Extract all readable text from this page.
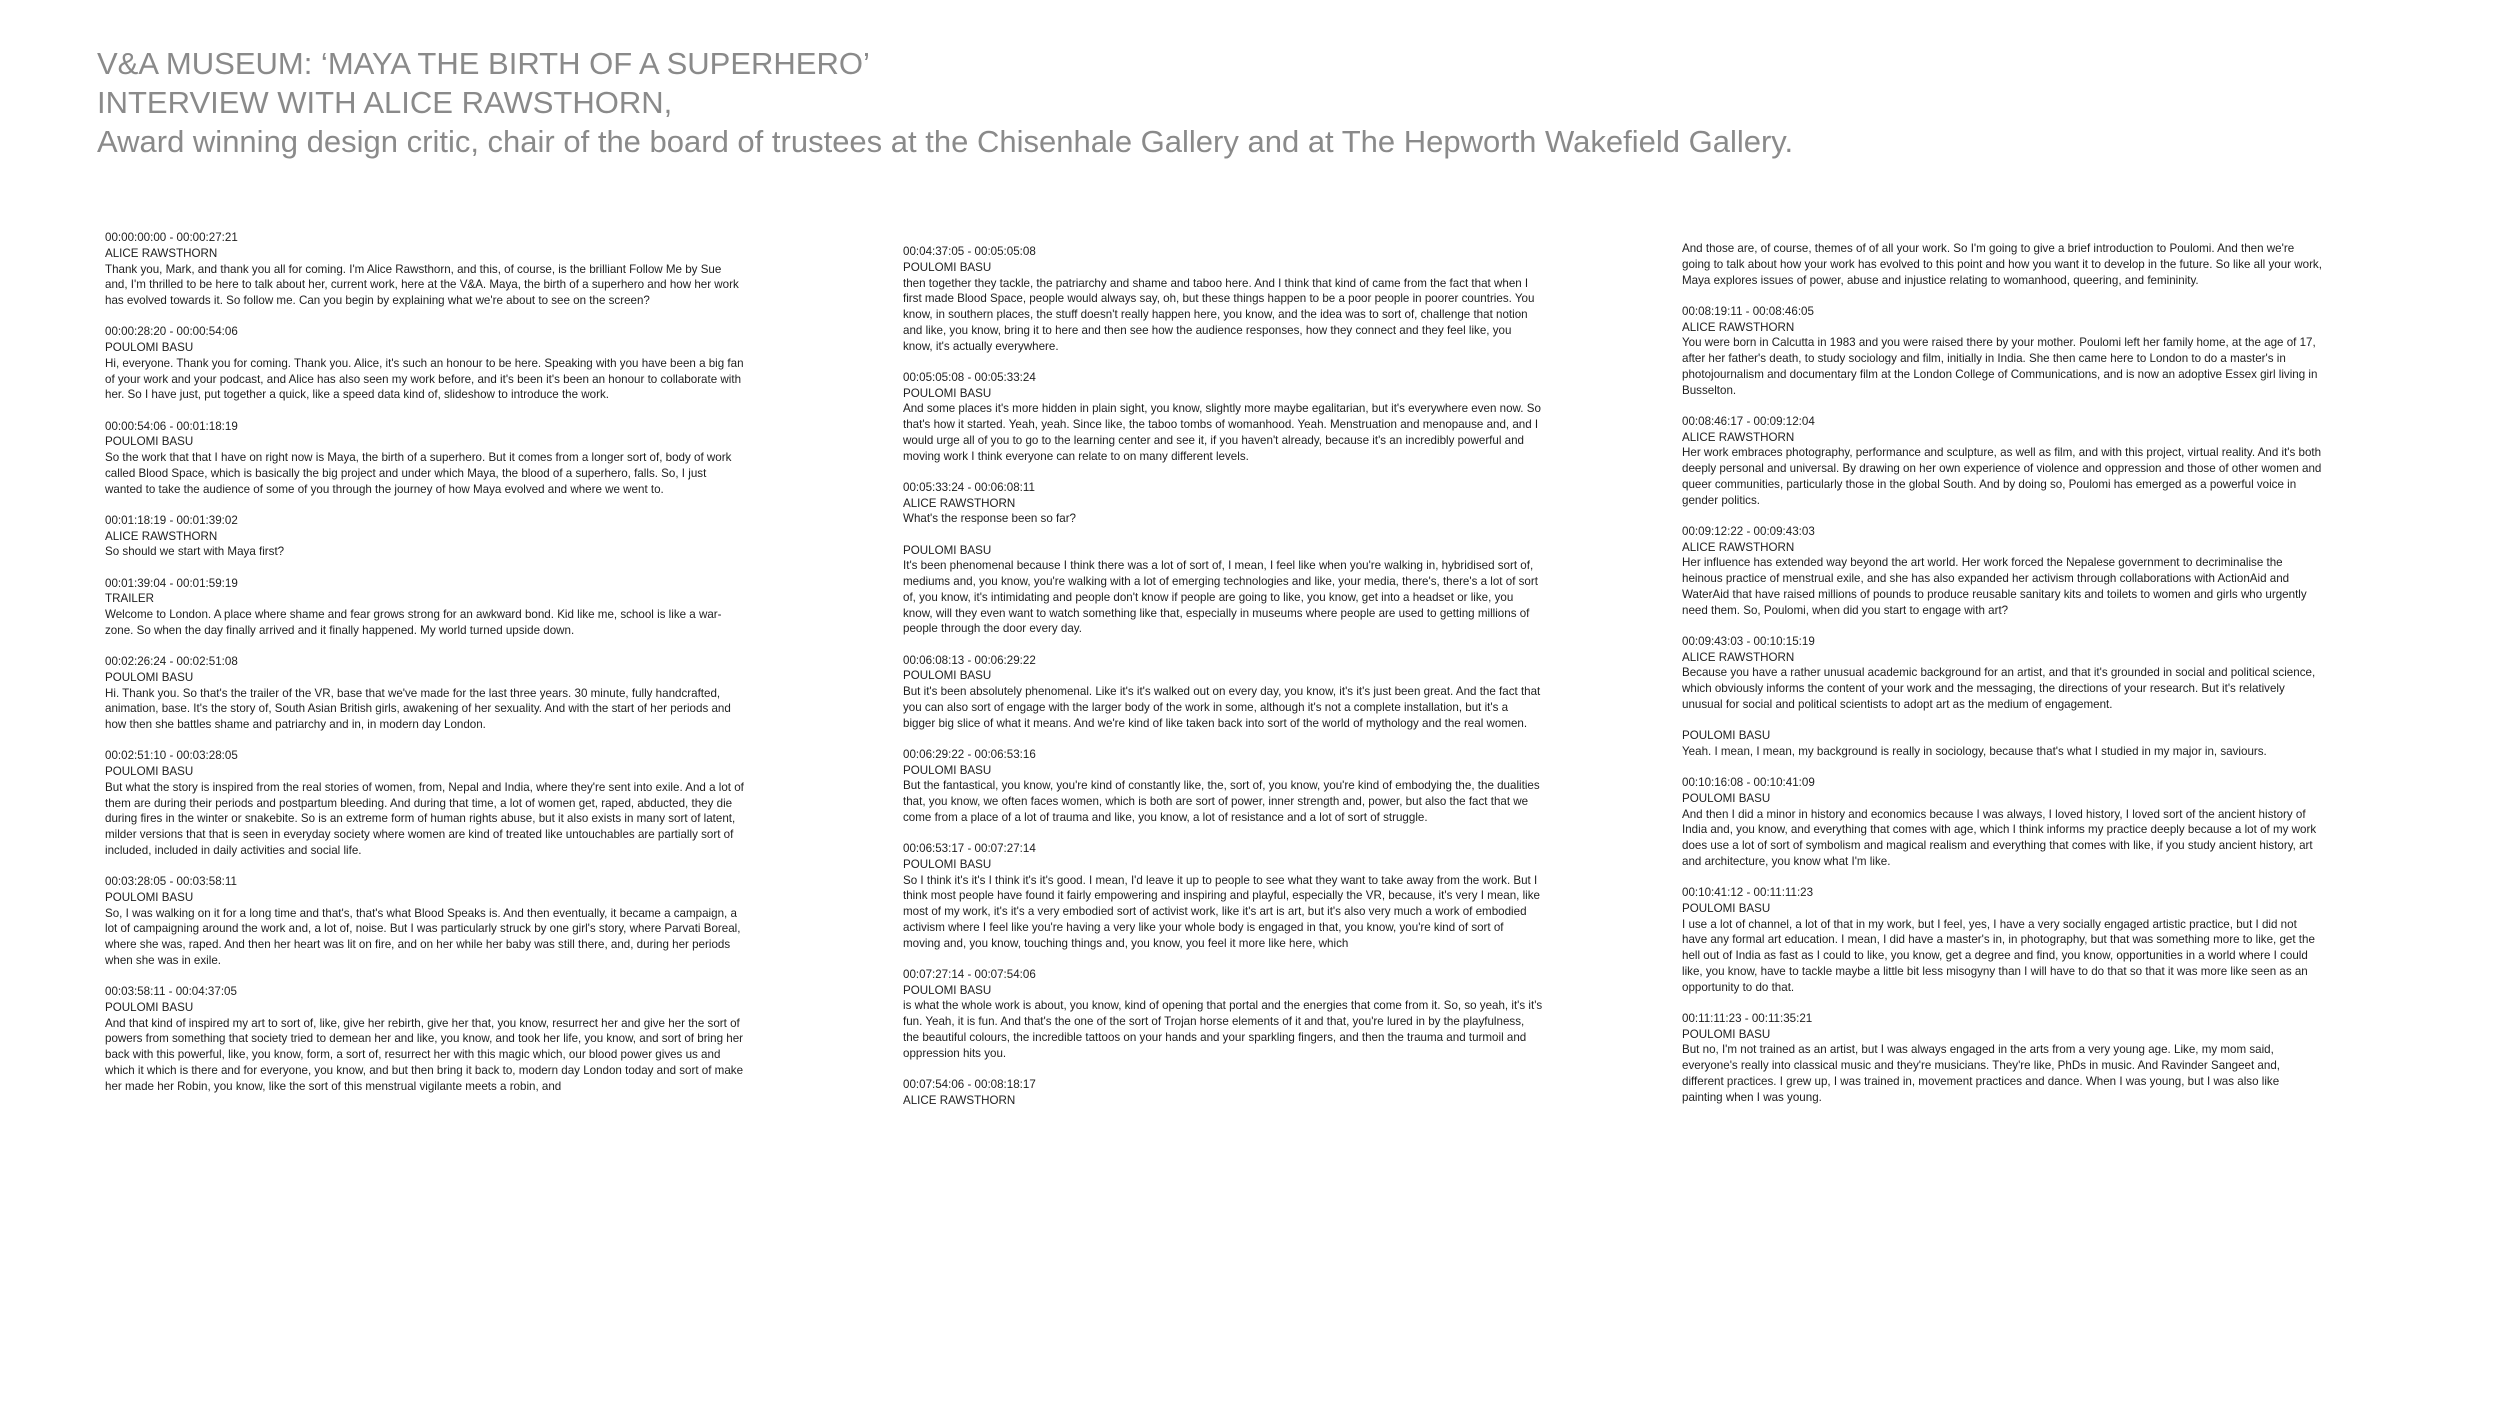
V&A MUSEUM: ‘MAYA THE BIRTH OF A SUPERHERO’
INTERVIEW WITH ALICE RAWSTHORN,
Award winning design critic, chair of the board of trustees at the Chisenhale Gallery and at The Hepworth Wakefield Gallery.
00:00:00:00 - 00:00:27:21
ALICE RAWSTHORN
Thank you, Mark, and thank you all for coming. I'm Alice Rawsthorn, and this, of course, is the brilliant Follow Me by Sue and, I'm thrilled to be here to talk about her, current work, here at the V&A. Maya, the birth of a superhero and how her work has evolved towards it. So follow me. Can you begin by explaining what we're about to see on the screen?
00:00:28:20 - 00:00:54:06
POULOMI BASU
Hi, everyone. Thank you for coming. Thank you. Alice, it's such an honour to be here. Speaking with you have been a big fan of your work and your podcast, and Alice has also seen my work before, and it's been it's been an honour to collaborate with her. So I have just, put together a quick, like a speed data kind of, slideshow to introduce the work.
00:00:54:06 - 00:01:18:19
POULOMI BASU
So the work that that I have on right now is Maya, the birth of a superhero. But it comes from a longer sort of, body of work called Blood Space, which is basically the big project and under which Maya, the blood of a superhero, falls. So, I just wanted to take the audience of some of you through the journey of how Maya evolved and where we went to.
00:01:18:19 - 00:01:39:02
ALICE RAWSTHORN
So should we start with Maya first?
00:01:39:04 - 00:01:59:19
TRAILER
Welcome to London. A place where shame and fear grows strong for an awkward bond. Kid like me, school is like a war-zone. So when the day finally arrived and it finally happened. My world turned upside down.
00:02:26:24 - 00:02:51:08
POULOMI BASU
Hi. Thank you. So that's the trailer of the VR, base that we've made for the last three years. 30 minute, fully handcrafted, animation, base. It's the story of, South Asian British girls, awakening of her sexuality. And with the start of her periods and how then she battles shame and patriarchy and in, in modern day London.
00:02:51:10 - 00:03:28:05
POULOMI BASU
But what the story is inspired from the real stories of women, from, Nepal and India, where they're sent into exile. And a lot of them are during their periods and postpartum bleeding. And during that time, a lot of women get, raped, abducted, they die during fires in the winter or snakebite. So is an extreme form of human rights abuse, but it also exists in many sort of latent, milder versions that that is seen in everyday society where women are kind of treated like untouchables are partially sort of included, included in daily activities and social life.
00:03:28:05 - 00:03:58:11
POULOMI BASU
So, I was walking on it for a long time and that's, that's what Blood Speaks is. And then eventually, it became a campaign, a lot of campaigning around the work and, a lot of, noise. But I was particularly struck by one girl's story, where Parvati Boreal, where she was, raped. And then her heart was lit on fire, and on her while her baby was still there, and, during her periods when she was in exile.
00:03:58:11 - 00:04:37:05
POULOMI BASU
And that kind of inspired my art to sort of, like, give her rebirth, give her that, you know, resurrect her and give her the sort of powers from something that society tried to demean her and like, you know, and took her life, you know, and sort of bring her back with this powerful, like, you know, form, a sort of, resurrect her with this magic which, our blood power gives us and which it which is there and for everyone, you know, and but then bring it back to, modern day London today and sort of make her made her Robin, you know, like the sort of this menstrual vigilante meets a robin, and
00:04:37:05 - 00:05:05:08
POULOMI BASU
then together they tackle, the patriarchy and shame and taboo here. And I think that kind of came from the fact that when I first made Blood Space, people would always say, oh, but these things happen to be a poor people in poorer countries. You know, in southern places, the stuff doesn't really happen here, you know, and the idea was to sort of, challenge that notion and like, you know, bring it to here and then see how the audience responses, how they connect and they feel like, you know, it's actually everywhere.
00:05:05:08 - 00:05:33:24
POULOMI BASU
And some places it's more hidden in plain sight, you know, slightly more maybe egalitarian, but it's everywhere even now. So that's how it started. Yeah, yeah. Since like, the taboo tombs of womanhood. Yeah. Menstruation and menopause and, and I would urge all of you to go to the learning center and see it, if you haven't already, because it's an incredibly powerful and moving work I think everyone can relate to on many different levels.
00:05:33:24 - 00:06:08:11
ALICE RAWSTHORN
What's the response been so far?
POULOMI BASU
It's been phenomenal because I think there was a lot of sort of, I mean, I feel like when you're walking in, hybridised sort of, mediums and, you know, you're walking with a lot of emerging technologies and like, your media, there's, there's a lot of sort of, you know, it's intimidating and people don't know if people are going to like, you know, get into a headset or like, you know, will they even want to watch something like that, especially in museums where people are used to getting millions of people through the door every day.
00:06:08:13 - 00:06:29:22
POULOMI BASU
But it's been absolutely phenomenal. Like it's it's walked out on every day, you know, it's it's just been great. And the fact that you can also sort of engage with the larger body of the work in some, although it's not a complete installation, but it's a bigger big slice of what it means. And we're kind of like taken back into sort of the world of mythology and the real women.
00:06:29:22 - 00:06:53:16
POULOMI BASU
But the fantastical, you know, you're kind of constantly like, the, sort of, you know, you're kind of embodying the, the dualities that, you know, we often faces women, which is both are sort of power, inner strength and, power, but also the fact that we come from a place of a lot of trauma and like, you know, a lot of resistance and a lot of sort of struggle.
00:06:53:17 - 00:07:27:14
POULOMI BASU
So I think it's it's I think it's it's good. I mean, I'd leave it up to people to see what they want to take away from the work. But I think most people have found it fairly empowering and inspiring and playful, especially the VR, because, it's very I mean, like most of my work, it's it's a very embodied sort of activist work, like it's art is art, but it's also very much a work of embodied activism where I feel like you're having a very like your whole body is engaged in that, you know, you're kind of sort of moving and, you know, touching things and, you know, you feel it more like here, which
00:07:27:14 - 00:07:54:06
POULOMI BASU
is what the whole work is about, you know, kind of opening that portal and the energies that come from it. So, so yeah, it's it's fun. Yeah, it is fun. And that's the one of the sort of Trojan horse elements of it and that, you're lured in by the playfulness, the beautiful colours, the incredible tattoos on your hands and your sparkling fingers, and then the trauma and turmoil and oppression hits you.
00:07:54:06 - 00:08:18:17
ALICE RAWSTHORN
And those are, of course, themes of of all your work. So I'm going to give a brief introduction to Poulomi. And then we're going to talk about how your work has evolved to this point and how you want it to develop in the future. So like all your work, Maya explores issues of power, abuse and injustice relating to womanhood, queering, and femininity.
00:08:19:11 - 00:08:46:05
ALICE RAWSTHORN
You were born in Calcutta in 1983 and you were raised there by your mother. Poulomi left her family home, at the age of 17, after her father's death, to study sociology and film, initially in India. She then came here to London to do a master's in photojournalism and documentary film at the London College of Communications, and is now an adoptive Essex girl living in Busselton.
00:08:46:17 - 00:09:12:04
ALICE RAWSTHORN
Her work embraces photography, performance and sculpture, as well as film, and with this project, virtual reality. And it's both deeply personal and universal. By drawing on her own experience of violence and oppression and those of other women and queer communities, particularly those in the global South. And by doing so, Poulomi has emerged as a powerful voice in gender politics.
00:09:12:22 - 00:09:43:03
ALICE RAWSTHORN
Her influence has extended way beyond the art world. Her work forced the Nepalese government to decriminalise the heinous practice of menstrual exile, and she has also expanded her activism through collaborations with ActionAid and WaterAid that have raised millions of pounds to produce reusable sanitary kits and toilets to women and girls who urgently need them. So, Poulomi, when did you start to engage with art?
00:09:43:03 - 00:10:15:19
ALICE RAWSTHORN
Because you have a rather unusual academic background for an artist, and that it's grounded in social and political science, which obviously informs the content of your work and the messaging, the directions of your research. But it's relatively unusual for social and political scientists to adopt art as the medium of engagement.
POULOMI BASU
Yeah. I mean, I mean, my background is really in sociology, because that's what I studied in my major in, saviours.
00:10:16:08 - 00:10:41:09
POULOMI BASU
And then I did a minor in history and economics because I was always, I loved history, I loved sort of the ancient history of India and, you know, and everything that comes with age, which I think informs my practice deeply because a lot of my work does use a lot of sort of symbolism and magical realism and everything that comes with like, if you study ancient history, art and architecture, you know what I'm like.
00:10:41:12 - 00:11:11:23
POULOMI BASU
I use a lot of channel, a lot of that in my work, but I feel, yes, I have a very socially engaged artistic practice, but I did not have any formal art education. I mean, I did have a master's in, in photography, but that was something more to like, get the hell out of India as fast as I could to like, you know, get a degree and find, you know, opportunities in a world where I could like, you know, have to tackle maybe a little bit less misogyny than I will have to do that so that it was more like seen as an opportunity to do that.
00:11:11:23 - 00:11:35:21
POULOMI BASU
But no, I'm not trained as an artist, but I was always engaged in the arts from a very young age. Like, my mom said, everyone's really into classical music and they're musicians. They're like, PhDs in music. And Ravinder Sangeet and, different practices. I grew up, I was trained in, movement practices and dance. When I was young, but I was also like painting when I was young.
